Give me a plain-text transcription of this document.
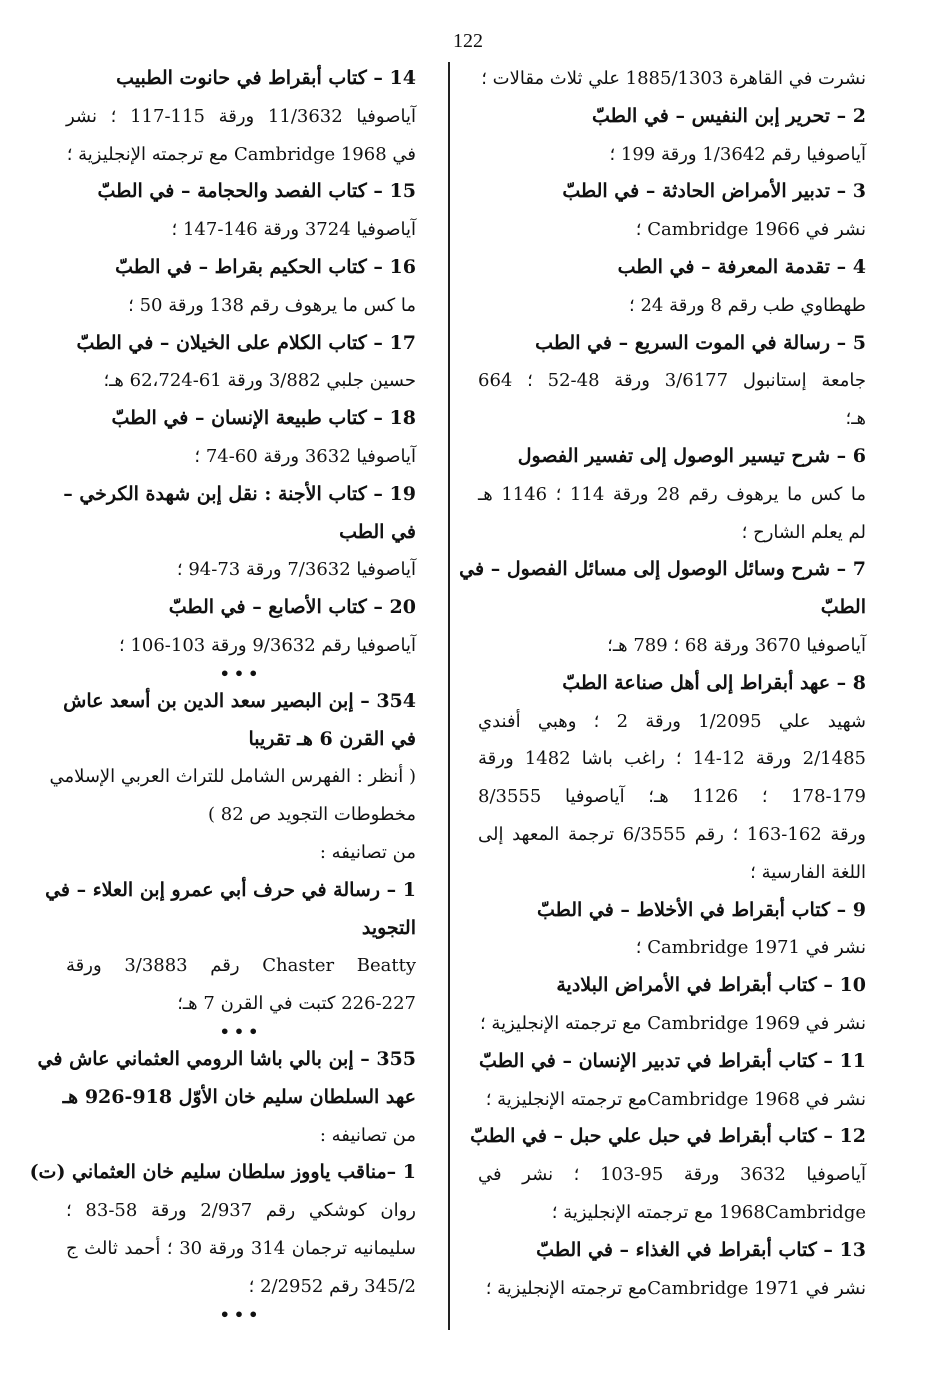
122
نشرت في القاهرة 1885/1303 علي ثلاث مقالات ؛
2 – تحرير إبن النفيس – في الطبّ
آياصوفيا رقم 1/3642 ورقة 199 ؛
3 – تدبير الأمراض الحادثة – في الطبّ
نشر في Cambridge 1966 ؛
4 – تقدمة المعرفة – في الطب
طهطاوي طب رقم 8 ورقة 24 ؛
5 – رسالة في الموت السريع – في الطب
جامعة إستانبول 3/6177 ورقة 48-52 ؛ 664
هـ؛
6 – شرح تيسير الوصول إلى تفسير الفصول
ما كس ما يرهوف رقم 28 ورقة 114 ؛ 1146 هـ
لم يعلم الشارح ؛
7 – شرح وسائل الوصول إلى مسائل الفصول – في
الطبّ
آياصوفيا 3670 ورقة 68 ؛ 789 هـ؛
8 – عهد أبقراط إلى أهل صناعة الطبّ
شهيد علي 1/2095 ورقة 2 ؛ وهبي أفندي
2/1485 ورقة 12-14 ؛ راغب باشا 1482 ورقة
178-179 ؛ 1126 هـ؛ آياصوفيا 8/3555
ورقة 162-163 ؛ رقم 6/3555 ترجمة المعهد إلى
اللغة الفارسية ؛
9 – كتاب أبقراط في الأخلاط – في الطبّ
نشر في Cambridge 1971 ؛
10 – كتاب أبقراط في الأمراض البلادية
نشر في Cambridge 1969 مع ترجمته الإنجليزية ؛
11 – كتاب أبقراط في تدبير الإنسان – في الطبّ
نشر في Cambridge 1968مع ترجمته الإنجليزية ؛
12 – كتاب أبقراط في حبل علي حبل – في الطبّ
آياصوفيا 3632 ورقة 95-103 ؛ نشر في
1968Cambridge مع ترجمته الإنجليزية ؛
13 – كتاب أبقراط في الغذاء – في الطبّ
نشر في Cambridge 1971مع ترجمته الإنجليزية ؛
14 – كتاب أبقراط في حانوت الطبيب
آياصوفيا 11/3632 ورقة 115-117 ؛ نشر
في Cambridge 1968 مع ترجمته الإنجليزية ؛
15 – كتاب الفصد والحجامة – في الطبّ
آياصوفيا 3724 ورقة 146-147 ؛
16 – كتاب الحكيم بقراط – في الطبّ
ما كس ما يرهوف رقم 138 ورقة 50 ؛
17 – كتاب الكلام على الخيلان – في الطبّ
حسين جلبي 3/882 ورقة 61-62،724 هـ؛
18 – كتاب طبيعة الإنسان – في الطبّ
آياصوفيا 3632 ورقة 60-74 ؛
19 – كتاب الأجنة : نقل إبن شهدة الكرخي –
في الطب
آياصوفيا 7/3632 ورقة 73-94 ؛
20 – كتاب الأصابع – في الطبّ
آياصوفيا رقم 9/3632 ورقة 103-106 ؛
•••
354 – إبن البصير سعد الدين بن أسعد عاش
في القرن 6 هـ تقريبا
( أنظر : الفهرس الشامل للتراث العربي الإسلامي
مخطوطات التجويد ص 82 )
من تصانيفه :
1 – رسالة في حرف أبي عمرو إبن العلاء – في
التجويد
Chaster Beatty رقم 3/3883 ورقة
226-227 كتبت في القرن 7 هـ؛
•••
355 – إبن بالي باشا الرومي العثماني عاش في
عهد السلطان سليم خان الأوّل 918-926 هـ
من تصانيفه :
1 –مناقب ياووز سلطان سليم خان العثماني (ت)
روان كوشكي رقم 2/937 ورقة 58-83 ؛
سليمانيه ترجمان 314 ورقة 30 ؛ أحمد ثالث ج
345/2 رقم 2/2952 ؛
•••
